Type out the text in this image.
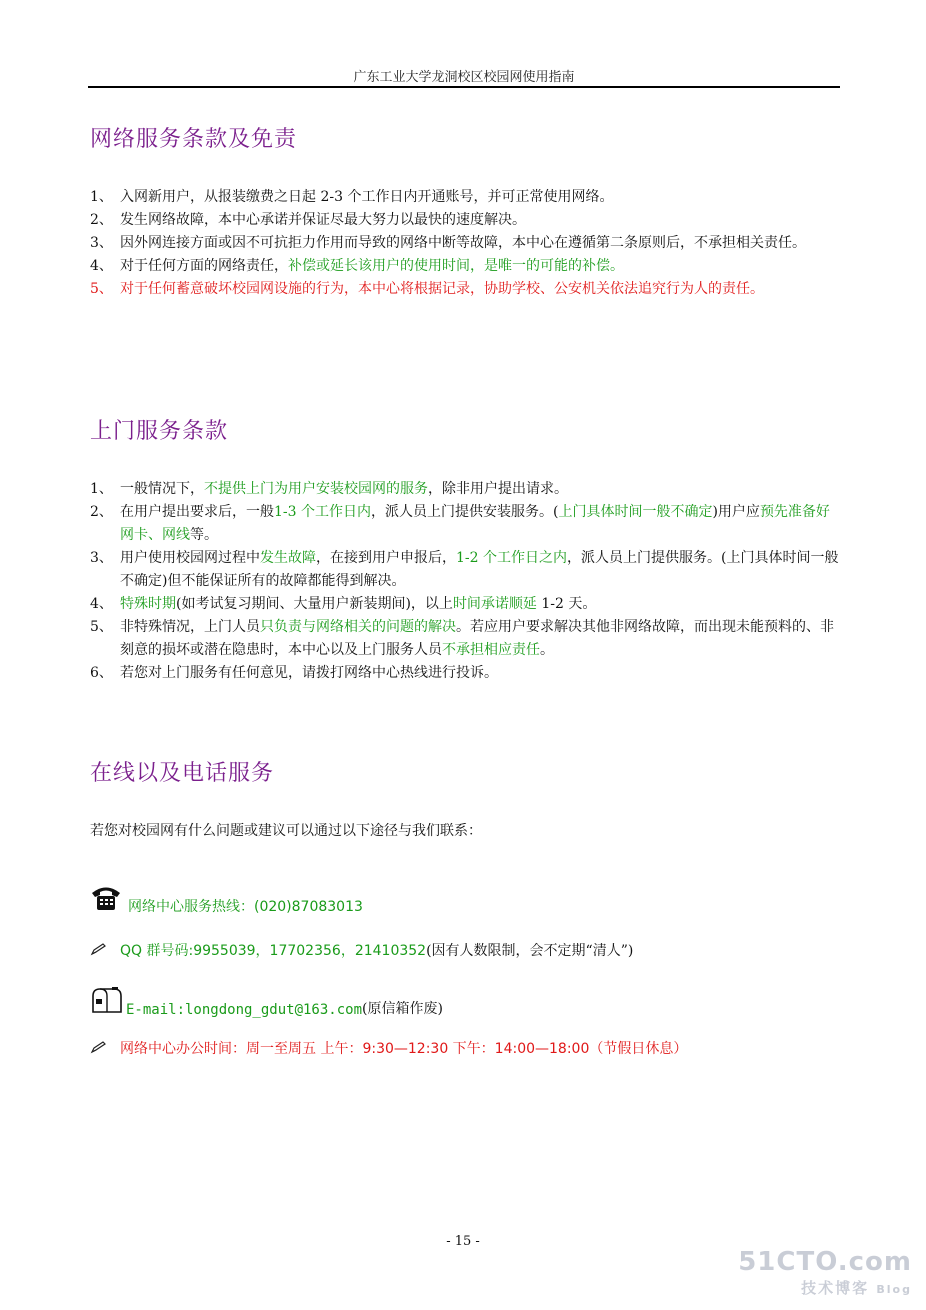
广东工业大学龙洞校区校园网使用指南
网络服务条款及免责
1、 入网新用户，从报装缴费之日起 2-3 个工作日内开通账号，并可正常使用网络。
2、 发生网络故障，本中心承诺并保证尽最大努力以最快的速度解决。
3、 因外网连接方面或因不可抗拒力作用而导致的网络中断等故障，本中心在遵循第二条原则后，不承担相关责任。
4、 对于任何方面的网络责任，补偿或延长该用户的使用时间，是唯一的可能的补偿。
5、 对于任何蓄意破坏校园网设施的行为，本中心将根据记录，协助学校、公安机关依法追究行为人的责任。
上门服务条款
1、 一般情况下，不提供上门为用户安装校园网的服务，除非用户提出请求。
2、 在用户提出要求后，一般1-3 个工作日内，派人员上门提供安装服务。(上门具体时间一般不确定)用户应预先准备好网卡、网线等。
3、 用户使用校园网过程中发生故障，在接到用户申报后，1-2 个工作日之内，派人员上门提供服务。(上门具体时间一般不确定)但不能保证所有的故障都能得到解决。
4、 特殊时期(如考试复习期间、大量用户新装期间)，以上时间承诺顺延 1-2 天。
5、 非特殊情况，上门人员只负责与网络相关的问题的解决。若应用户要求解决其他非网络故障，而出现未能预料的、非刻意的损坏或潜在隐患时，本中心以及上门服务人员不承担相应责任。
6、 若您对上门服务有任何意见，请拨打网络中心热线进行投诉。
在线以及电话服务
若您对校园网有什么问题或建议可以通过以下途径与我们联系：
网络中心服务热线：(020)87083013
QQ 群号码:9955039，17702356，21410352 (因有人数限制，会不定期“清人”)
E-mail:longdong_gdut@163.com (原信箱作废)
网络中心办公时间：周一至周五 上午：9:30—12:30 下午：14:00—18:00（节假日休息）
- 15 -
51CTO.com
技术博客 Blog
